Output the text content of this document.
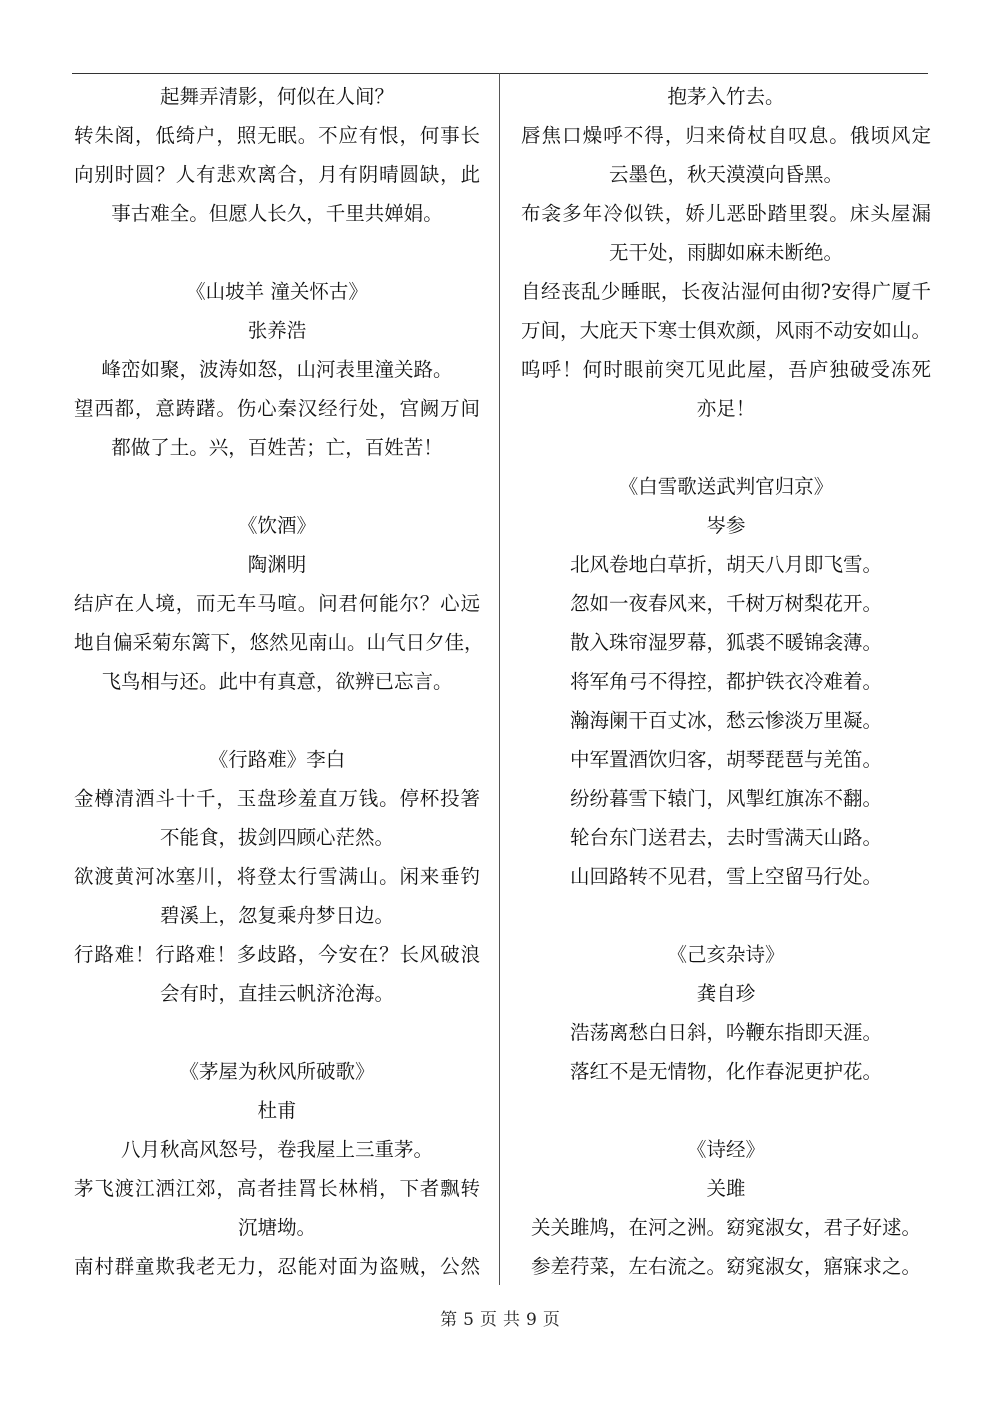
起舞弄清影，何似在人间？
转朱阁，低绮户，照无眠。不应有恨，何事长
向别时圆？人有悲欢离合，月有阴晴圆缺，此
事古难全。但愿人长久，千里共婵娟。
《山坡羊 潼关怀古》
张养浩
峰峦如聚，波涛如怒，山河表里潼关路。
望西都，意踌躇。伤心秦汉经行处，宫阙万间
都做了土。兴，百姓苦；亡，百姓苦！
《饮酒》
陶渊明
结庐在人境，而无车马喧。问君何能尔？心远
地自偏采菊东篱下，悠然见南山。山气日夕佳，
飞鸟相与还。此中有真意，欲辨已忘言。
《行路难》李白
金樽清酒斗十千，玉盘珍羞直万钱。停杯投箸
不能食，拔剑四顾心茫然。
欲渡黄河冰塞川，将登太行雪满山。闲来垂钓
碧溪上，忽复乘舟梦日边。
行路难！行路难！多歧路，今安在？长风破浪
会有时，直挂云帆济沧海。
《茅屋为秋风所破歌》
杜甫
八月秋高风怒号，卷我屋上三重茅。
茅飞渡江洒江郊，高者挂罥长林梢，下者飘转
沉塘坳。
南村群童欺我老无力，忍能对面为盗贼，公然
抱茅入竹去。
唇焦口燥呼不得，归来倚杖自叹息。俄顷风定
云墨色，秋天漠漠向昏黑。
布衾多年冷似铁，娇儿恶卧踏里裂。床头屋漏
无干处，雨脚如麻未断绝。
自经丧乱少睡眠，长夜沾湿何由彻?安得广厦千
万间，大庇天下寒士俱欢颜，风雨不动安如山。
呜呼！何时眼前突兀见此屋，吾庐独破受冻死
亦足！
《白雪歌送武判官归京》
岑参
北风卷地白草折，胡天八月即飞雪。
忽如一夜春风来，千树万树梨花开。
散入珠帘湿罗幕，狐裘不暖锦衾薄。
将军角弓不得控，都护铁衣冷难着。
瀚海阑干百丈冰，愁云惨淡万里凝。
中军置酒饮归客，胡琴琵琶与羌笛。
纷纷暮雪下辕门，风掣红旗冻不翻。
轮台东门送君去，去时雪满天山路。
山回路转不见君，雪上空留马行处。
《己亥杂诗》
龚自珍
浩荡离愁白日斜，吟鞭东指即天涯。
落红不是无情物，化作春泥更护花。
《诗经》
关雎
关关雎鸠，在河之洲。窈窕淑女，君子好逑。
参差荇菜，左右流之。窈窕淑女，寤寐求之。
第 5 页 共 9 页
